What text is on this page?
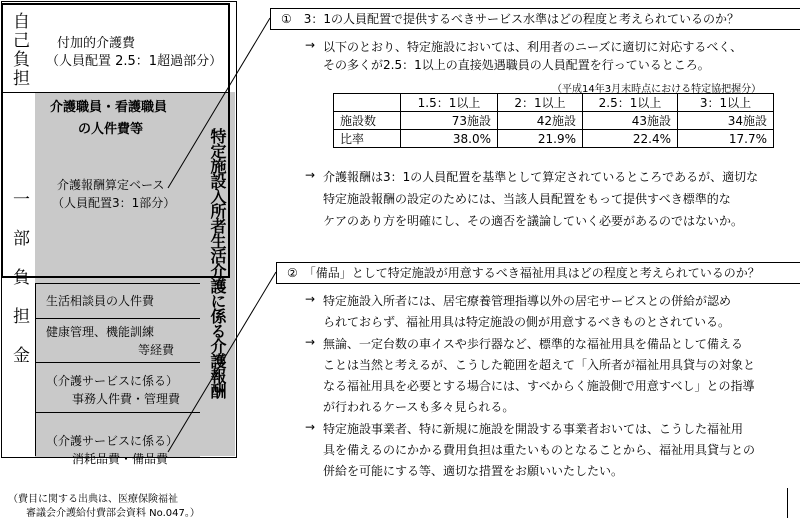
自己負担 付加的介護費
（人員配置 2.5：1超過部分）
介護職員・看護職員
の人件費等
介護報酬算定ベース
（人員配置3：1部分）	特定施設入所者生活介護に係る介護報酬
一部負担金 生活相談員の人件費
健康管理、機能訓練
等経費
（介護サービスに係る）
事務人件費・管理費
（介護サービスに係る）
消耗品費・備品費
（費目に関する出典は、医療保険福祉
審議会介護給付費部会資料 No.047。）
①　3：1の人員配置で提供するべきサービス水準はどの程度と考えられているのか？
→ 以下のとおり、特定施設においては、利用者のニーズに適切に対応するべく、
その多くが2.5：1以上の直接処遇職員の人員配置を行っているところ。
（平成14年3月末時点における特定協把握分）
	1.5：1以上	2：1以上	2.5：1以上	3：1以上
施設数	73施設	42施設	43施設	34施設
比率	38.0%	21.9%	22.4%	17.7%
→ 介護報酬は3：1の人員配置を基準として算定されているところであるが、適切な
特定施設報酬の設定のためには、当該人員配置をもって提供すべき標準的な
ケアのあり方を明確にし、その適否を議論していく必要があるのではないか。
②　「備品」として特定施設が用意するべき福祉用具はどの程度と考えられているのか？
→ 特定施設入所者には、居宅療養管理指導以外の居宅サービスとの併給が認め
られておらず、福祉用具は特定施設の側が用意するべきものとされている。
→ 無論、一定台数の車イスや歩行器など、標準的な福祉用具を備品として備える
ことは当然と考えるが、こうした範囲を超えて「入所者が福祉用具貸与の対象と
なる福祉用具を必要とする場合には、すべからく施設側で用意すべし」との指導
が行われるケースも多々見られる。
→ 特定施設事業者、特に新規に施設を開設する事業者おいては、こうした福祉用
具を備えるのにかかる費用負担は重たいものとなることから、福祉用具貸与との
併給を可能にする等、適切な措置をお願いいたしたい。
